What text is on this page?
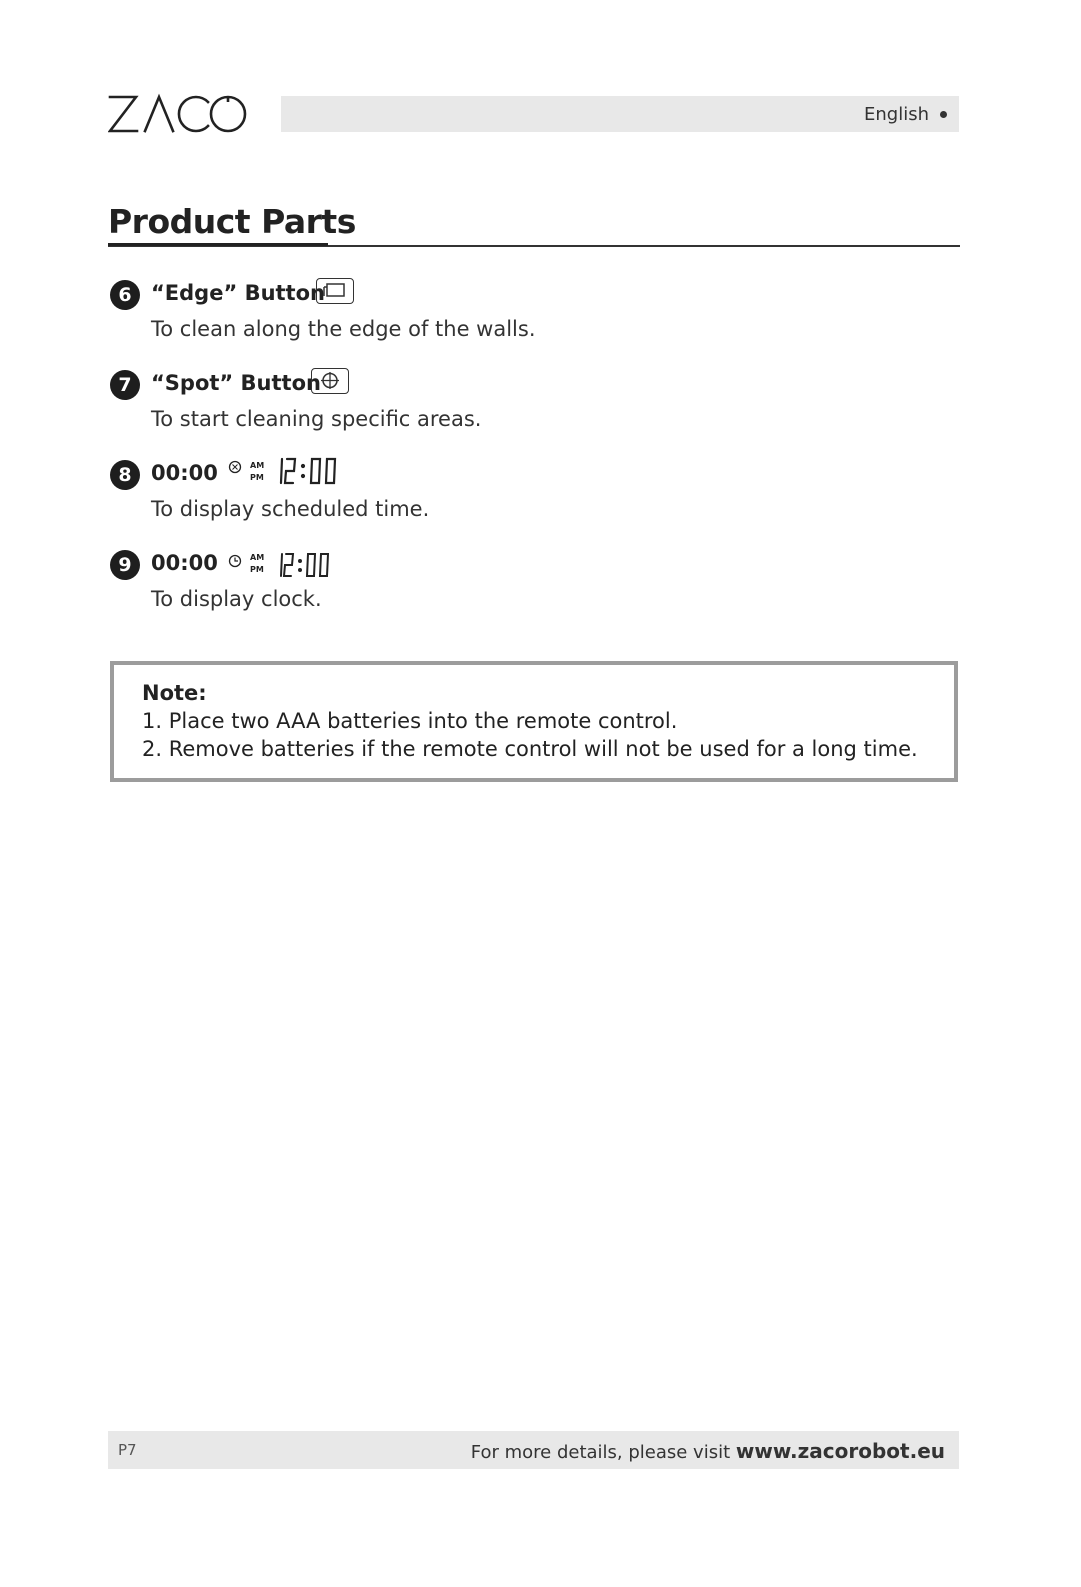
English
Product Parts
6 “Edge” Button
To clean along the edge of the walls.
7 “Spot” Button
To start cleaning specific areas.
8 00:00	AM
PM
To display scheduled time.
9 00:00	AM
PM
To display clock.
Note:
1. Place two AAA batteries into the remote control.
2. Remove batteries if the remote control will not be used for a long time.
P7	For more details, please visit www.zacorobot.eu
